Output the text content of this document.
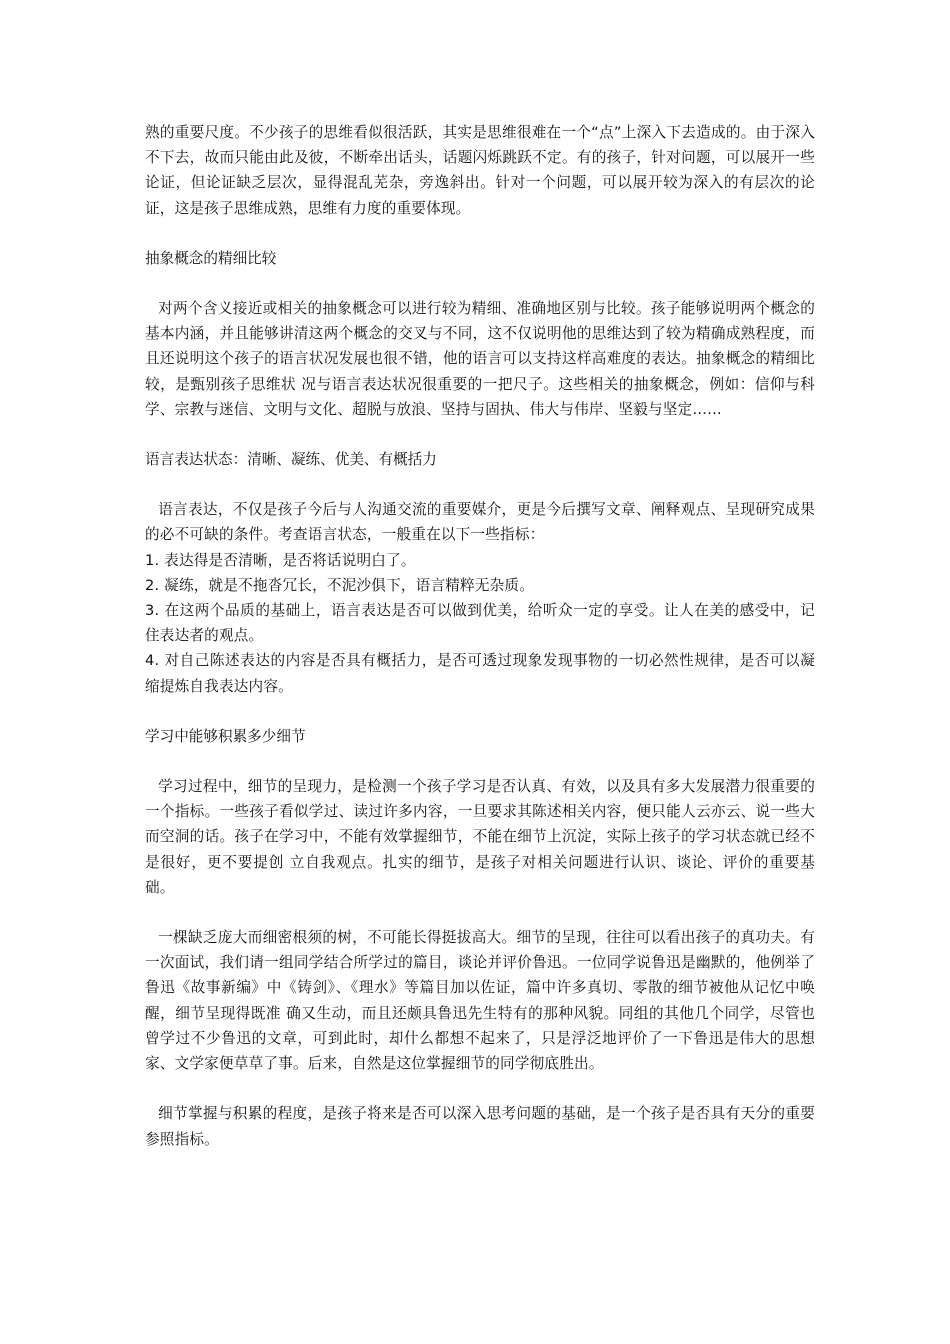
熟的重要尺度。不少孩子的思维看似很活跃，其实是思维很难在一个“点”上深入下去造成的。由于深入不下去，故而只能由此及彼，不断牵出话头，话题闪烁跳跃不定。有的孩子，针对问题，可以展开一些论证，但论证缺乏层次，显得混乱芜杂，旁逸斜出。针对一个问题，可以展开较为深入的有层次的论证，这是孩子思维成熟，思维有力度的重要体现。

抽象概念的精细比较

对两个含义接近或相关的抽象概念可以进行较为精细、准确地区别与比较。孩子能够说明两个概念的基本内涵，并且能够讲清这两个概念的交叉与不同，这不仅说明他的思维达到了较为精确成熟程度，而且还说明这个孩子的语言状况发展也很不错，他的语言可以支持这样高难度的表达。抽象概念的精细比较，是甄别孩子思维状 况与语言表达状况很重要的一把尺子。这些相关的抽象概念，例如：信仰与科学、宗教与迷信、文明与文化、超脱与放浪、坚持与固执、伟大与伟岸、坚毅与坚定……

语言表达状态：清晰、凝练、优美、有概括力

语言表达，不仅是孩子今后与人沟通交流的重要媒介，更是今后撰写文章、阐释观点、呈现研究成果的必不可缺的条件。考查语言状态，一般重在以下一些指标：

1. 表达得是否清晰，是否将话说明白了。

2. 凝练，就是不拖沓冗长，不泥沙俱下，语言精粹无杂质。

3. 在这两个品质的基础上，语言表达是否可以做到优美，给听众一定的享受。让人在美的感受中，记住表达者的观点。

4. 对自己陈述表达的内容是否具有概括力，是否可透过现象发现事物的一切必然性规律，是否可以凝缩提炼自我表达内容。

学习中能够积累多少细节

学习过程中，细节的呈现力，是检测一个孩子学习是否认真、有效，以及具有多大发展潜力很重要的一个指标。一些孩子看似学过、读过许多内容，一旦要求其陈述相关内容，便只能人云亦云、说一些大而空洞的话。孩子在学习中，不能有效掌握细节，不能在细节上沉淀，实际上孩子的学习状态就已经不是很好，更不要提创 立自我观点。扎实的细节，是孩子对相关问题进行认识、谈论、评价的重要基础。

一棵缺乏庞大而细密根须的树，不可能长得挺拔高大。细节的呈现，往往可以看出孩子的真功夫。有一次面试，我们请一组同学结合所学过的篇目，谈论并评价鲁迅。一位同学说鲁迅是幽默的，他例举了鲁迅《故事新编》中《铸剑》、《理水》等篇目加以佐证，篇中许多真切、零散的细节被他从记忆中唤醒，细节呈现得既准 确又生动，而且还颇具鲁迅先生特有的那种风貌。同组的其他几个同学，尽管也曾学过不少鲁迅的文章，可到此时，却什么都想不起来了，只是浮泛地评价了一下鲁迅是伟大的思想家、文学家便草草了事。后来，自然是这位掌握细节的同学彻底胜出。

细节掌握与积累的程度，是孩子将来是否可以深入思考问题的基础，是一个孩子是否具有天分的重要参照指标。
